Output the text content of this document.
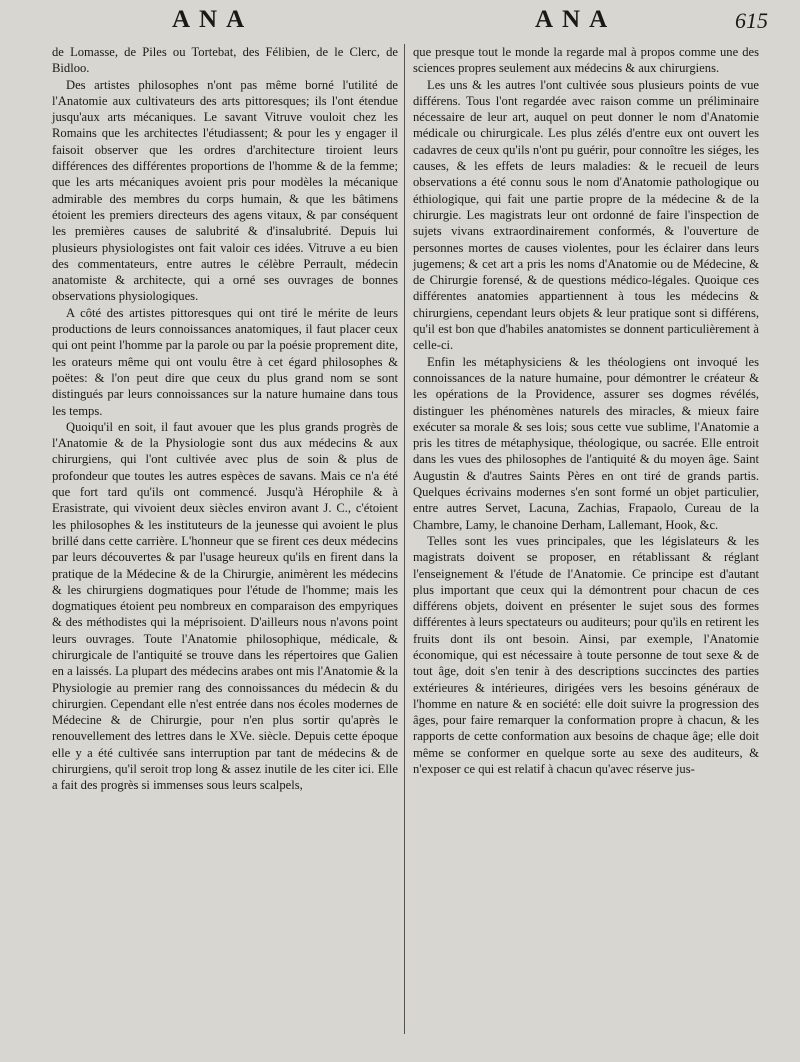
ANA	ANA	615

de Lomasse, de Piles ou Tortebat, des Félibien, de le Clerc, de Bidloo.

Des artistes philosophes n'ont pas même borné l'utilité de l'Anatomie aux cultivateurs des arts pittoresques; ils l'ont étendue jusqu'aux arts mécaniques. Le savant Vitruve vouloit chez les Romains que les architectes l'étudiassent; & pour les y engager il faisoit observer que les ordres d'architecture tiroient leurs différences des différentes proportions de l'homme & de la femme; que les arts mécaniques avoient pris pour modèles la mécanique admirable des membres du corps humain, & que les bâtimens étoient les premiers directeurs des agens vitaux, & par conséquent les premières causes de salubrité & d'insalubrité. Depuis lui plusieurs physiologistes ont fait valoir ces idées. Vitruve a eu bien des commentateurs, entre autres le célèbre Perrault, médecin anatomiste & architecte, qui a orné ses ouvrages de bonnes observations physiologiques.

A côté des artistes pittoresques qui ont tiré le mérite de leurs productions de leurs connoissances anatomiques, il faut placer ceux qui ont peint l'homme par la parole ou par la poésie proprement dite, les orateurs même qui ont voulu être à cet égard philosophes & poëtes: & l'on peut dire que ceux du plus grand nom se sont distingués par leurs connoissances sur la nature humaine dans tous les temps.

Quoiqu'il en soit, il faut avouer que les plus grands progrès de l'Anatomie & de la Physiologie sont dus aux médecins & aux chirurgiens, qui l'ont cultivée avec plus de soin & plus de profondeur que toutes les autres espèces de savans. Mais ce n'a été que fort tard qu'ils ont commencé. Jusqu'à Hérophile & à Erasistrate, qui vivoient deux siècles environ avant J. C., c'étoient les philosophes & les instituteurs de la jeunesse qui avoient le plus brillé dans cette carrière. L'honneur que se firent ces deux médecins par leurs découvertes & par l'usage heureux qu'ils en firent dans la pratique de la Médecine & de la Chirurgie, animèrent les médecins & les chirurgiens dogmatiques pour l'étude de l'homme; mais les dogmatiques étoient peu nombreux en comparaison des empyriques & des méthodistes qui la méprisoient. D'ailleurs nous n'avons point leurs ouvrages. Toute l'Anatomie philosophique, médicale, & chirurgicale de l'antiquité se trouve dans les répertoires que Galien en a laissés. La plupart des médecins arabes ont mis l'Anatomie & la Physiologie au premier rang des connoissances du médecin & du chirurgien. Cependant elle n'est entrée dans nos écoles modernes de Médecine & de Chirurgie, pour n'en plus sortir qu'après le renouvellement des lettres dans le XVe. siècle. Depuis cette époque elle y a été cultivée sans interruption par tant de médecins & de chirurgiens, qu'il seroit trop long & assez inutile de les citer ici. Elle a fait des progrès si immenses sous leurs scalpels,

que presque tout le monde la regarde mal à propos comme une des sciences propres seulement aux médecins & aux chirurgiens.

Les uns & les autres l'ont cultivée sous plusieurs points de vue différens. Tous l'ont regardée avec raison comme un préliminaire nécessaire de leur art, auquel on peut donner le nom d'Anatomie médicale ou chirurgicale. Les plus zélés d'entre eux ont ouvert les cadavres de ceux qu'ils n'ont pu guérir, pour connoître les siéges, les causes, & les effets de leurs maladies: & le recueil de leurs observations a été connu sous le nom d'Anatomie pathologique ou éthiologique, qui fait une partie propre de la médecine & de la chirurgie. Les magistrats leur ont ordonné de faire l'inspection de sujets vivans extraordinairement conformés, & l'ouverture de personnes mortes de causes violentes, pour les éclairer dans leurs jugemens; & cet art a pris les noms d'Anatomie ou de Médecine, & de Chirurgie forensé, & de questions médico-légales. Quoique ces différentes anatomies appartiennent à tous les médecins & chirurgiens, cependant leurs objets & leur pratique sont si différens, qu'il est bon que d'habiles anatomistes se donnent particulièrement à celle-ci.

Enfin les métaphysiciens & les théologiens ont invoqué les connoissances de la nature humaine, pour démontrer le créateur & les opérations de la Providence, assurer ses dogmes révélés, distinguer les phénomènes naturels des miracles, & mieux faire exécuter sa morale & ses lois; sous cette vue sublime, l'Anatomie a pris les titres de métaphysique, théologique, ou sacrée. Elle entroit dans les vues des philosophes de l'antiquité & du moyen âge. Saint Augustin & d'autres Saints Pères en ont tiré de grands partis. Quelques écrivains modernes s'en sont formé un objet particulier, entre autres Servet, Lacuna, Zachias, Frapaolo, Cureau de la Chambre, Lamy, le chanoine Derham, Lallemant, Hook, &c.

Telles sont les vues principales, que les législateurs & les magistrats doivent se proposer, en rétablissant & réglant l'enseignement & l'étude de l'Anatomie. Ce principe est d'autant plus important que ceux qui la démontrent pour chacun de ces différens objets, doivent en présenter le sujet sous des formes différentes à leurs spectateurs ou auditeurs; pour qu'ils en retirent les fruits dont ils ont besoin. Ainsi, par exemple, l'Anatomie économique, qui est nécessaire à toute personne de tout sexe & de tout âge, doit s'en tenir à des descriptions succinctes des parties extérieures & intérieures, dirigées vers les besoins généraux de l'homme en nature & en société: elle doit suivre la progression des âges, pour faire remarquer la conformation propre à chacun, & les rapports de cette conformation aux besoins de chaque âge; elle doit même se conformer en quelque sorte au sexe des auditeurs, & n'exposer ce qui est relatif à chacun qu'avec réserve jus-
